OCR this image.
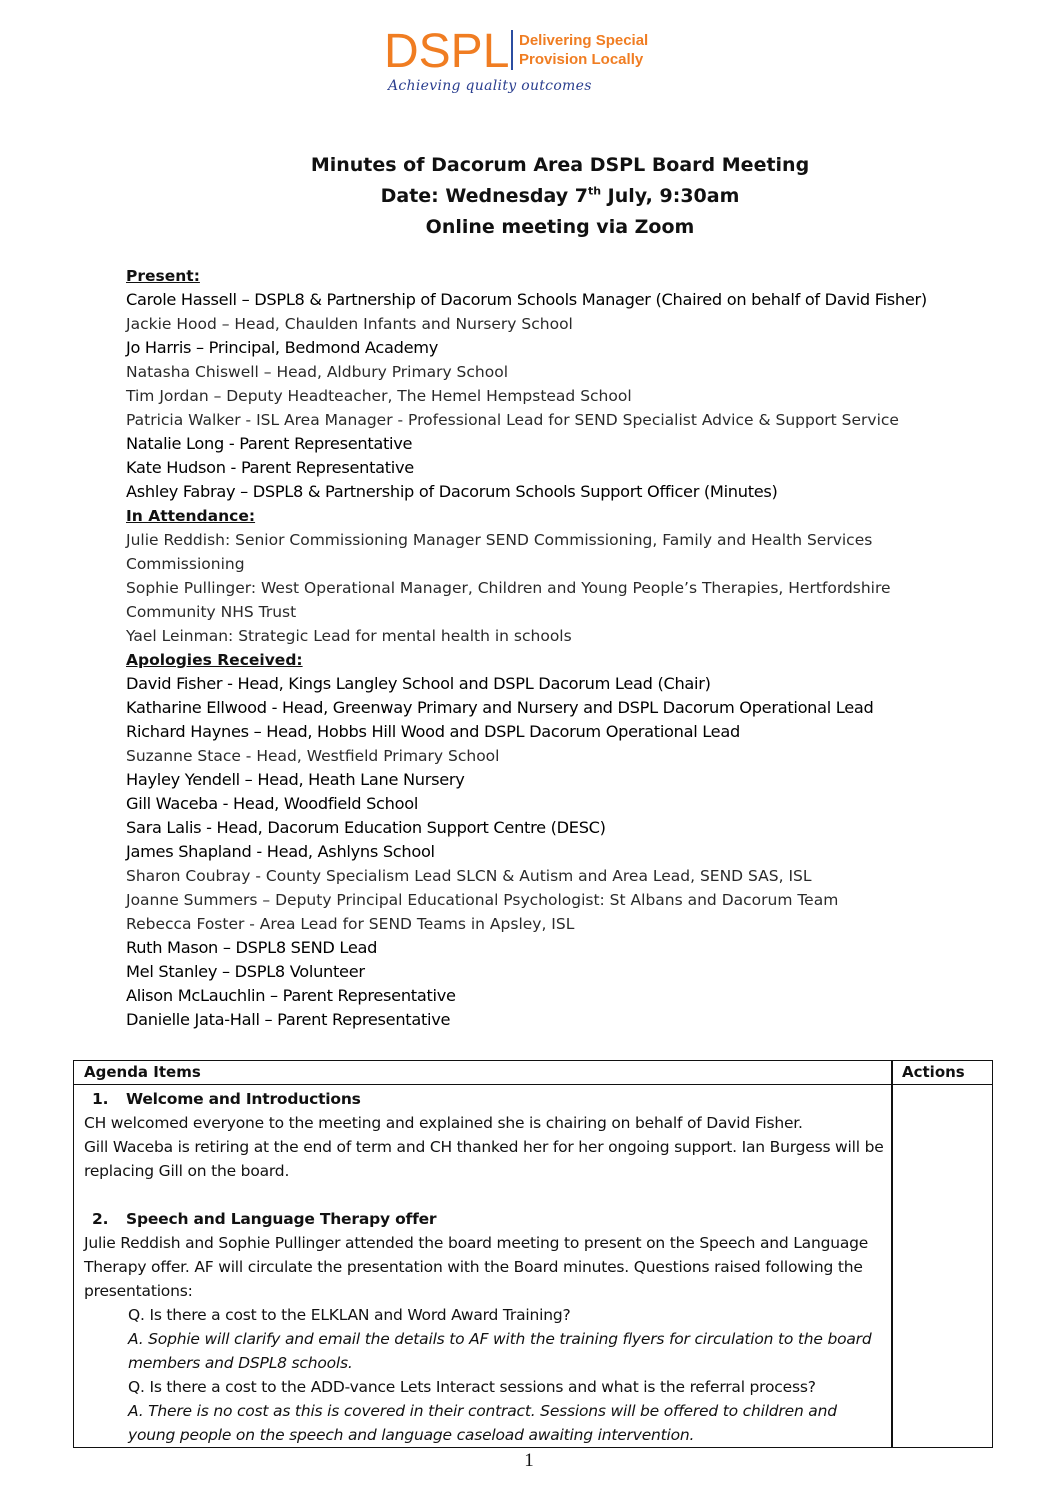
DSPL Delivering Special
Provision Locally
Achieving quality outcomes
Minutes of Dacorum Area DSPL Board Meeting
Date: Wednesday 7th July, 9:30am
Online meeting via Zoom
Present:
Carole Hassell – DSPL8 & Partnership of Dacorum Schools Manager (Chaired on behalf of David Fisher)
Jackie Hood – Head, Chaulden Infants and Nursery School
Jo Harris – Principal, Bedmond Academy
Natasha Chiswell – Head, Aldbury Primary School
Tim Jordan – Deputy Headteacher, The Hemel Hempstead School
Patricia Walker - ISL Area Manager - Professional Lead for SEND Specialist Advice & Support Service
Natalie Long - Parent Representative
Kate Hudson - Parent Representative
Ashley Fabray – DSPL8 & Partnership of Dacorum Schools Support Officer (Minutes)
In Attendance:
Julie Reddish: Senior Commissioning Manager SEND Commissioning, Family and Health Services Commissioning
Sophie Pullinger: West Operational Manager, Children and Young People’s Therapies, Hertfordshire Community NHS Trust
Yael Leinman: Strategic Lead for mental health in schools
Apologies Received:
David Fisher - Head, Kings Langley School and DSPL Dacorum Lead (Chair)
Katharine Ellwood - Head, Greenway Primary and Nursery and DSPL Dacorum Operational Lead
Richard Haynes – Head, Hobbs Hill Wood and DSPL Dacorum Operational Lead
Suzanne Stace - Head, Westfield Primary School
Hayley Yendell – Head, Heath Lane Nursery
Gill Waceba - Head, Woodfield School
Sara Lalis - Head, Dacorum Education Support Centre (DESC)
James Shapland - Head, Ashlyns School
Sharon Coubray - County Specialism Lead SLCN & Autism and Area Lead, SEND SAS, ISL
Joanne Summers – Deputy Principal Educational Psychologist: St Albans and Dacorum Team
Rebecca Foster - Area Lead for SEND Teams in Apsley, ISL
Ruth Mason – DSPL8 SEND Lead
Mel Stanley – DSPL8 Volunteer
Alison McLauchlin – Parent Representative
Danielle Jata-Hall – Parent Representative
Agenda Items	Actions
1. Welcome and Introductions

CH welcomed everyone to the meeting and explained she is chairing on behalf of David Fisher.

Gill Waceba is retiring at the end of term and CH thanked her for her ongoing support. Ian Burgess will be replacing Gill on the board.

2. Speech and Language Therapy offer

Julie Reddish and Sophie Pullinger attended the board meeting to present on the Speech and Language Therapy offer. AF will circulate the presentation with the Board minutes. Questions raised following the presentations:

Q. Is there a cost to the ELKLAN and Word Award Training?
A. Sophie will clarify and email the details to AF with the training flyers for circulation to the board members and DSPL8 schools.
Q. Is there a cost to the ADD-vance Lets Interact sessions and what is the referral process?
A. There is no cost as this is covered in their contract. Sessions will be offered to children and young people on the speech and language caseload awaiting intervention.
1
